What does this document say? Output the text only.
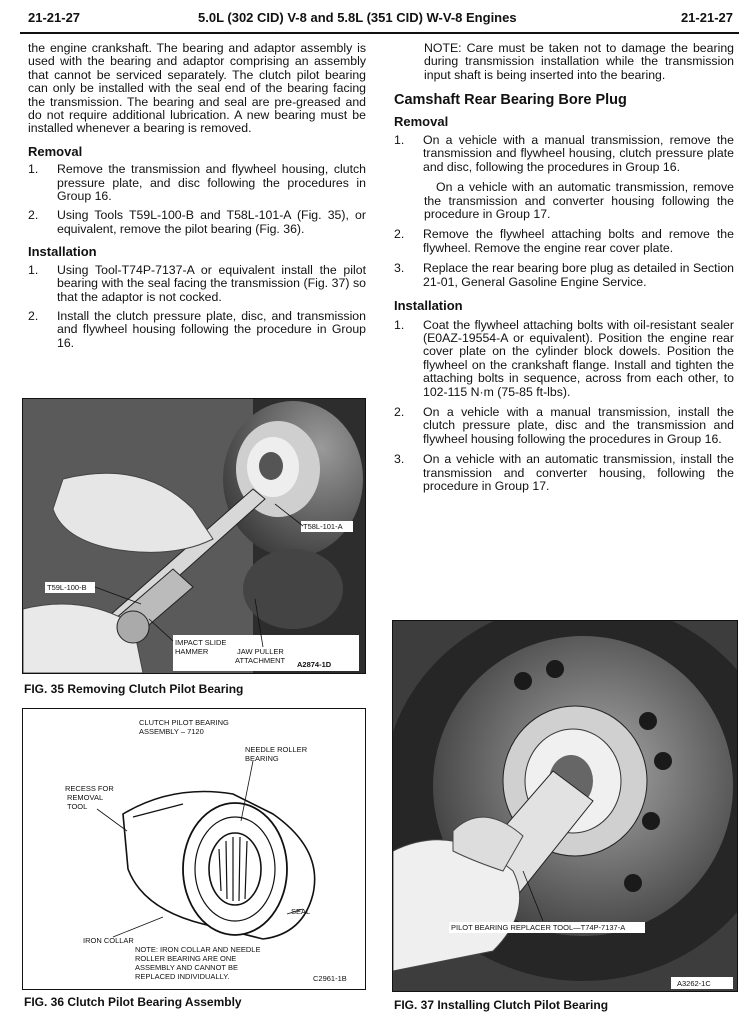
21-21-27	5.0L (302 CID) V-8 and 5.8L (351 CID) W-V-8 Engines	21-21-27

the engine crankshaft. The bearing and adaptor assembly is used with the bearing and adaptor comprising an assembly that cannot be serviced separately. The clutch pilot bearing can only be installed with the seal end of the bearing facing the transmission. The bearing and seal are pre-greased and do not require additional lubrication. A new bearing must be installed whenever a bearing is removed.

Removal
1. Remove the transmission and flywheel housing, clutch pressure plate, and disc following the procedures in Group 16.
2. Using Tools T59L-100-B and T58L-101-A (Fig. 35), or equivalent, remove the pilot bearing (Fig. 36).
Installation
1. Using Tool-T74P-7137-A or equivalent install the pilot bearing with the seal facing the transmission (Fig. 37) so that the adaptor is not cocked.
2. Install the clutch pressure plate, disc, and transmission and flywheel housing following the procedure in Group 16.

NOTE: Care must be taken not to damage the bearing during transmission installation while the transmission input shaft is being inserted into the bearing.

Camshaft Rear Bearing Bore Plug
Removal
1. On a vehicle with a manual transmission, remove the transmission and flywheel housing, clutch pressure plate and disc, following the procedures in Group 16.

On a vehicle with an automatic transmission, remove the transmission and converter housing following the procedure in Group 17.

2. Remove the flywheel attaching bolts and remove the flywheel. Remove the engine rear cover plate.
3. Replace the rear bearing bore plug as detailed in Section 21-01, General Gasoline Engine Service.
Installation
1. Coat the flywheel attaching bolts with oil-resistant sealer (E0AZ-19554-A or equivalent). Position the engine rear cover plate on the cylinder block dowels. Position the flywheel on the crankshaft flange. Install and tighten the attaching bolts in sequence, across from each other, to 102-115 N·m (75-85 ft-lbs).
2. On a vehicle with a manual transmission, install the clutch pressure plate, disc and the transmission and flywheel housing following the procedures in Group 16.
3. On a vehicle with an automatic transmission, install the transmission and converter housing, following the procedure in Group 17.
T58L-101-A
T59L-100-B
IMPACT SLIDE
HAMMER	JAW PULLER
ATTACHMENT A2874-1D
FIG. 35 Removing Clutch Pilot Bearing
CLUTCH PILOT BEARING
ASSEMBLY – 7120
NEEDLE ROLLER
BEARING
RECESS FOR
REMOVAL
TOOL
SEAL
IRON COLLAR
NOTE: IRON COLLAR AND NEEDLE
ROLLER BEARING ARE ONE
ASSEMBLY AND CANNOT BE
REPLACED INDIVIDUALLY.	C2961-1B
FIG. 36 Clutch Pilot Bearing Assembly
PILOT BEARING REPLACER TOOL—T74P-7137-A
A3262-1C
FIG. 37 Installing Clutch Pilot Bearing
